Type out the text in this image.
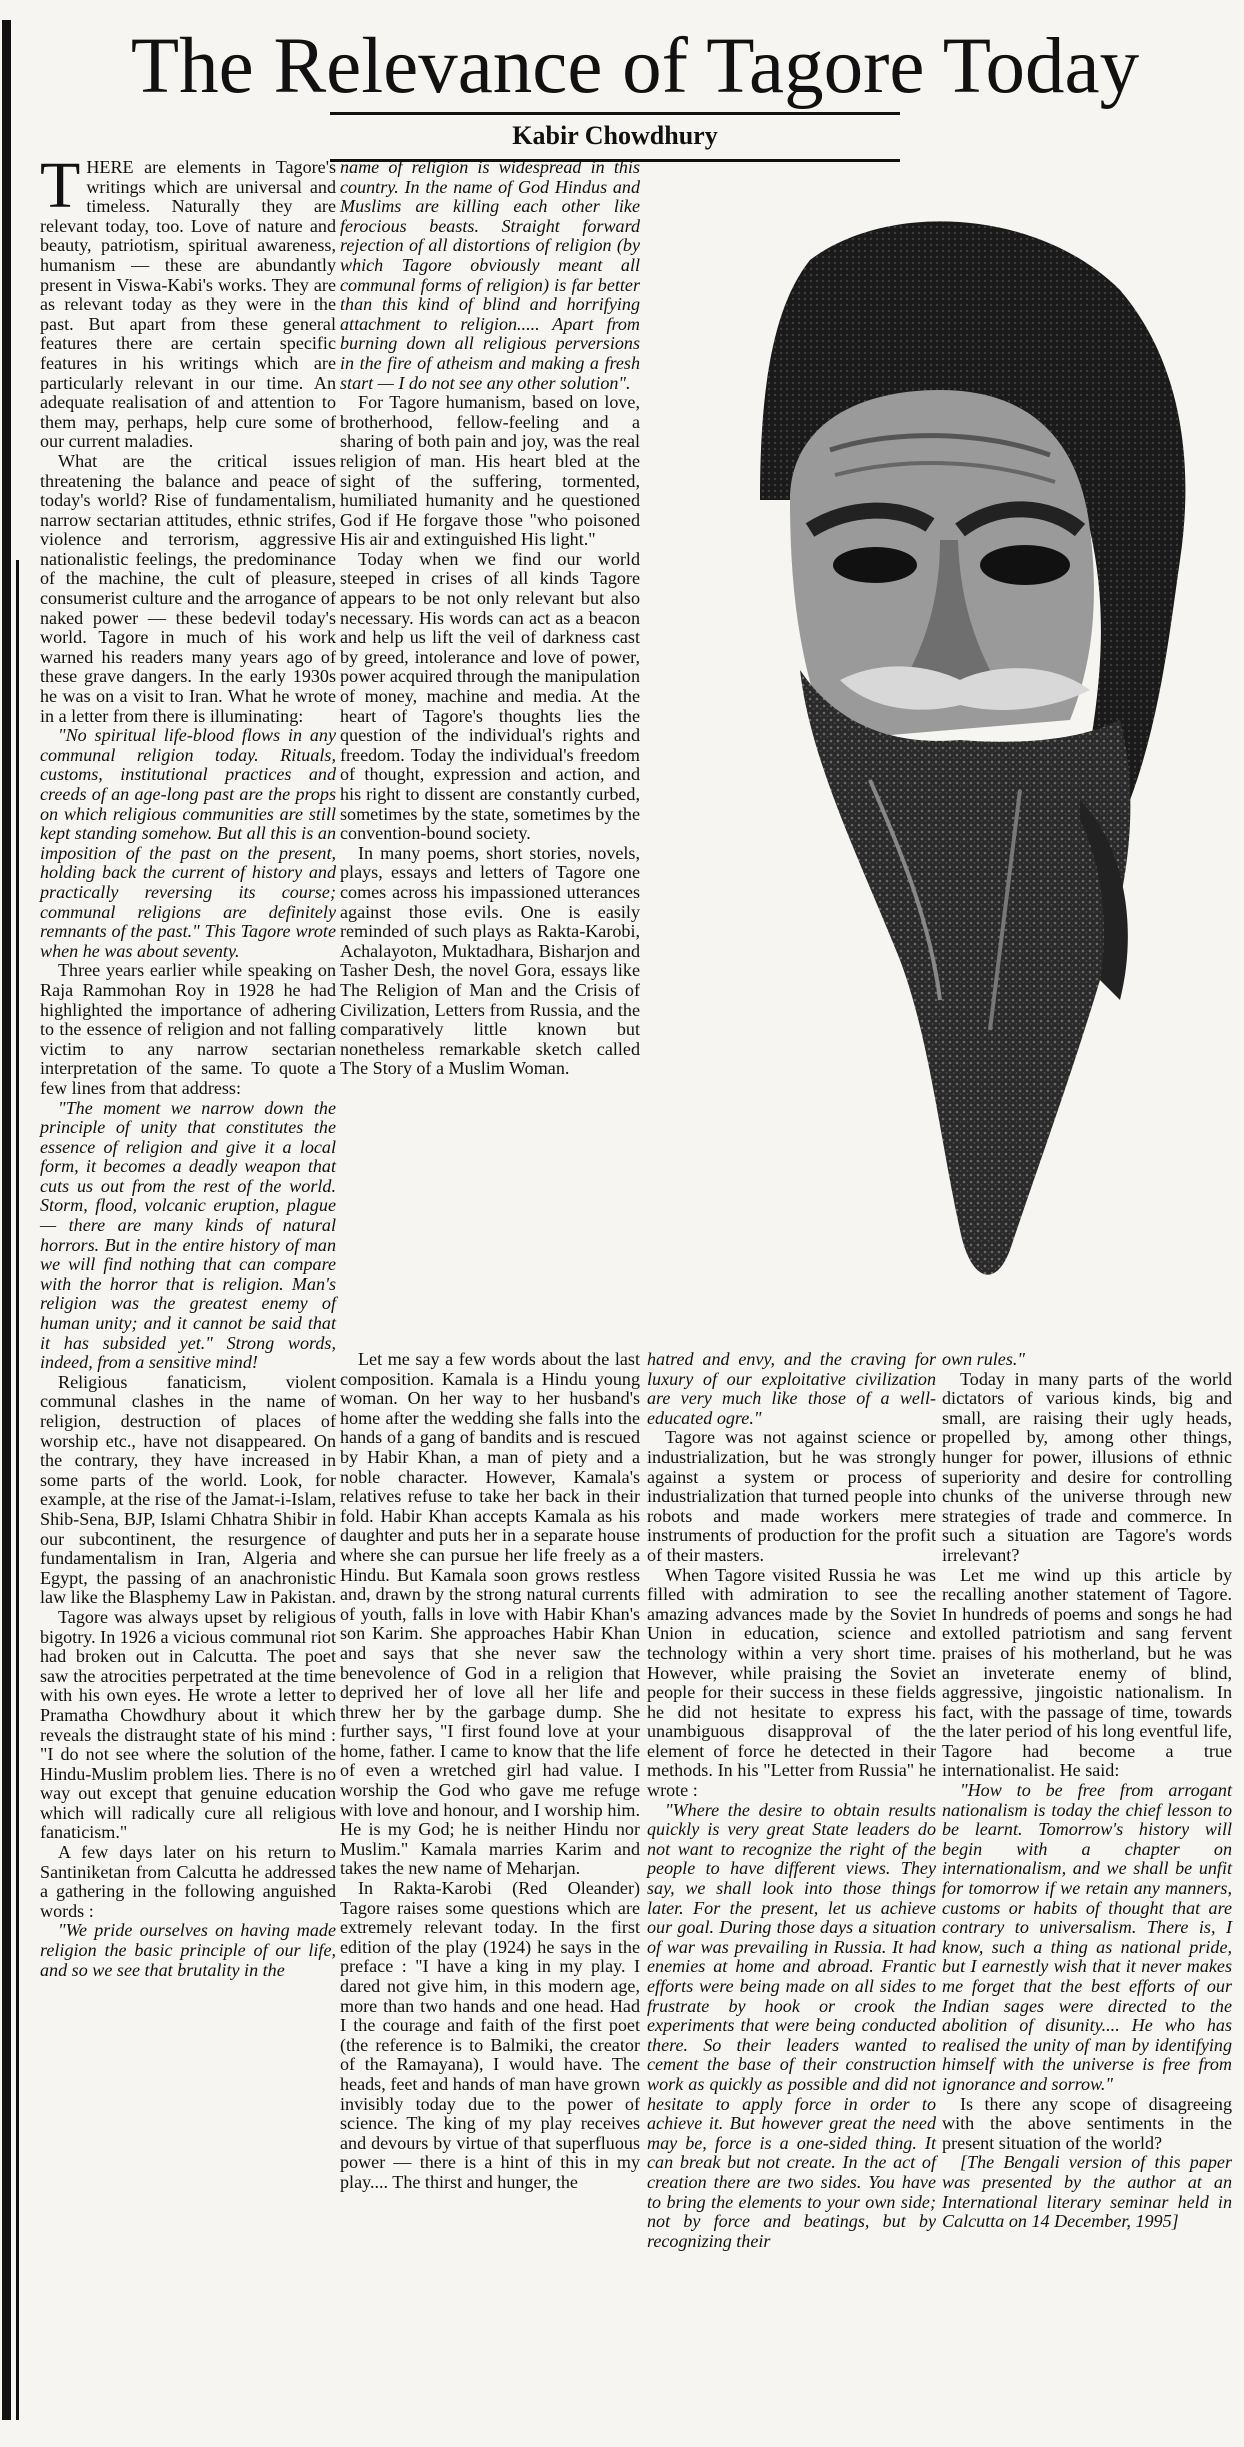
The Relevance of Tagore Today
Kabir Chowdhury

THERE are elements in Tagore's writings which are universal and timeless. Naturally they are relevant today, too. Love of nature and beauty, patriotism, spiritual awareness, humanism — these are abundantly present in Viswa-Kabi's works. They are as relevant today as they were in the past. But apart from these general features there are certain specific features in his writings which are particularly relevant in our time. An adequate realisation of and attention to them may, perhaps, help cure some of our current maladies.

What are the critical issues threatening the balance and peace of today's world? Rise of fundamentalism, narrow sectarian attitudes, ethnic strifes, violence and terrorism, aggressive nationalistic feelings, the predominance of the machine, the cult of pleasure, consumerist culture and the arrogance of naked power — these bedevil today's world. Tagore in much of his work warned his readers many years ago of these grave dangers. In the early 1930s he was on a visit to Iran. What he wrote in a letter from there is illuminating:

"No spiritual life-blood flows in any communal religion today. Rituals, customs, institutional practices and creeds of an age-long past are the props on which religious communities are still kept standing somehow. But all this is an imposition of the past on the present, holding back the current of history and practically reversing its course; communal religions are definitely remnants of the past." This Tagore wrote when he was about seventy.

Three years earlier while speaking on Raja Rammohan Roy in 1928 he had highlighted the importance of adhering to the essence of religion and not falling victim to any narrow sectarian interpretation of the same. To quote a few lines from that address:

"The moment we narrow down the principle of unity that constitutes the essence of religion and give it a local form, it becomes a deadly weapon that cuts us out from the rest of the world. Storm, flood, volcanic eruption, plague — there are many kinds of natural horrors. But in the entire history of man we will find nothing that can compare with the horror that is religion. Man's religion was the greatest enemy of human unity; and it cannot be said that it has subsided yet." Strong words, indeed, from a sensitive mind!

Religious fanaticism, violent communal clashes in the name of religion, destruction of places of worship etc., have not disappeared. On the contrary, they have increased in some parts of the world. Look, for example, at the rise of the Jamat-i-Islam, Shib-Sena, BJP, Islami Chhatra Shibir in our subcontinent, the resurgence of fundamentalism in Iran, Algeria and Egypt, the passing of an anachronistic law like the Blasphemy Law in Pakistan.

Tagore was always upset by religious bigotry. In 1926 a vicious communal riot had broken out in Calcutta. The poet saw the atrocities perpetrated at the time with his own eyes. He wrote a letter to Pramatha Chowdhury about it which reveals the distraught state of his mind : "I do not see where the solution of the Hindu-Muslim problem lies. There is no way out except that genuine education which will radically cure all religious fanaticism."

A few days later on his return to Santiniketan from Calcutta he addressed a gathering in the following anguished words :

"We pride ourselves on having made religion the basic principle of our life, and so we see that brutality in the

name of religion is widespread in this country. In the name of God Hindus and Muslims are killing each other like ferocious beasts. Straight forward rejection of all distortions of religion (by which Tagore obviously meant all communal forms of religion) is far better than this kind of blind and horrifying attachment to religion..... Apart from burning down all religious perversions in the fire of atheism and making a fresh start — I do not see any other solution".

For Tagore humanism, based on love, brotherhood, fellow-feeling and a sharing of both pain and joy, was the real religion of man. His heart bled at the sight of the suffering, tormented, humiliated humanity and he questioned God if He forgave those "who poisoned His air and extinguished His light."

Today when we find our world steeped in crises of all kinds Tagore appears to be not only relevant but also necessary. His words can act as a beacon and help us lift the veil of darkness cast by greed, intolerance and love of power, power acquired through the manipulation of money, machine and media. At the heart of Tagore's thoughts lies the question of the individual's rights and freedom. Today the individual's freedom of thought, expression and action, and his right to dissent are constantly curbed, sometimes by the state, sometimes by the convention-bound society.

In many poems, short stories, novels, plays, essays and letters of Tagore one comes across his impassioned utterances against those evils. One is easily reminded of such plays as Rakta-Karobi, Achalayoton, Muktadhara, Bisharjon and Tasher Desh, the novel Gora, essays like The Religion of Man and the Crisis of Civilization, Letters from Russia, and the comparatively little known but nonetheless remarkable sketch called The Story of a Muslim Woman.

Let me say a few words about the last composition. Kamala is a Hindu young woman. On her way to her husband's home after the wedding she falls into the hands of a gang of bandits and is rescued by Habir Khan, a man of piety and a noble character. However, Kamala's relatives refuse to take her back in their fold. Habir Khan accepts Kamala as his daughter and puts her in a separate house where she can pursue her life freely as a Hindu. But Kamala soon grows restless and, drawn by the strong natural currents of youth, falls in love with Habir Khan's son Karim. She approaches Habir Khan and says that she never saw the benevolence of God in a religion that deprived her of love all her life and threw her by the garbage dump. She further says, "I first found love at your home, father. I came to know that the life of even a wretched girl had value. I worship the God who gave me refuge with love and honour, and I worship him. He is my God; he is neither Hindu nor Muslim." Kamala marries Karim and takes the new name of Meharjan.

In Rakta-Karobi (Red Oleander) Tagore raises some questions which are extremely relevant today. In the first edition of the play (1924) he says in the preface : "I have a king in my play. I dared not give him, in this modern age, more than two hands and one head. Had I the courage and faith of the first poet (the reference is to Balmiki, the creator of the Ramayana), I would have. The heads, feet and hands of man have grown invisibly today due to the power of science. The king of my play receives and devours by virtue of that superfluous power — there is a hint of this in my play.... The thirst and hunger, the

hatred and envy, and the craving for luxury of our exploitative civilization are very much like those of a well-educated ogre."

Tagore was not against science or industrialization, but he was strongly against a system or process of industrialization that turned people into robots and made workers mere instruments of production for the profit of their masters.

When Tagore visited Russia he was filled with admiration to see the amazing advances made by the Soviet Union in education, science and technology within a very short time. However, while praising the Soviet people for their success in these fields he did not hesitate to express his unambiguous disapproval of the element of force he detected in their methods. In his "Letter from Russia" he wrote :

"Where the desire to obtain results quickly is very great State leaders do not want to recognize the right of the people to have different views. They say, we shall look into those things later. For the present, let us achieve our goal. During those days a situation of war was prevailing in Russia. It had enemies at home and abroad. Frantic efforts were being made on all sides to frustrate by hook or crook the experiments that were being conducted there. So their leaders wanted to cement the base of their construction work as quickly as possible and did not hesitate to apply force in order to achieve it. But however great the need may be, force is a one-sided thing. It can break but not create. In the act of creation there are two sides. You have to bring the elements to your own side; not by force and beatings, but by recognizing their

own rules."

Today in many parts of the world dictators of various kinds, big and small, are raising their ugly heads, propelled by, among other things, hunger for power, illusions of ethnic superiority and desire for controlling chunks of the universe through new strategies of trade and commerce. In such a situation are Tagore's words irrelevant?

Let me wind up this article by recalling another statement of Tagore. In hundreds of poems and songs he had extolled patriotism and sang fervent praises of his motherland, but he was an inveterate enemy of blind, aggressive, jingoistic nationalism. In fact, with the passage of time, towards the later period of his long eventful life, Tagore had become a true internationalist. He said:

"How to be free from arrogant nationalism is today the chief lesson to be learnt. Tomorrow's history will begin with a chapter on internationalism, and we shall be unfit for tomorrow if we retain any manners, customs or habits of thought that are contrary to universalism. There is, I know, such a thing as national pride, but I earnestly wish that it never makes me forget that the best efforts of our Indian sages were directed to the abolition of disunity.... He who has realised the unity of man by identifying himself with the universe is free from ignorance and sorrow."

Is there any scope of disagreeing with the above sentiments in the present situation of the world?

[The Bengali version of this paper was presented by the author at an International literary seminar held in Calcutta on 14 December, 1995]
